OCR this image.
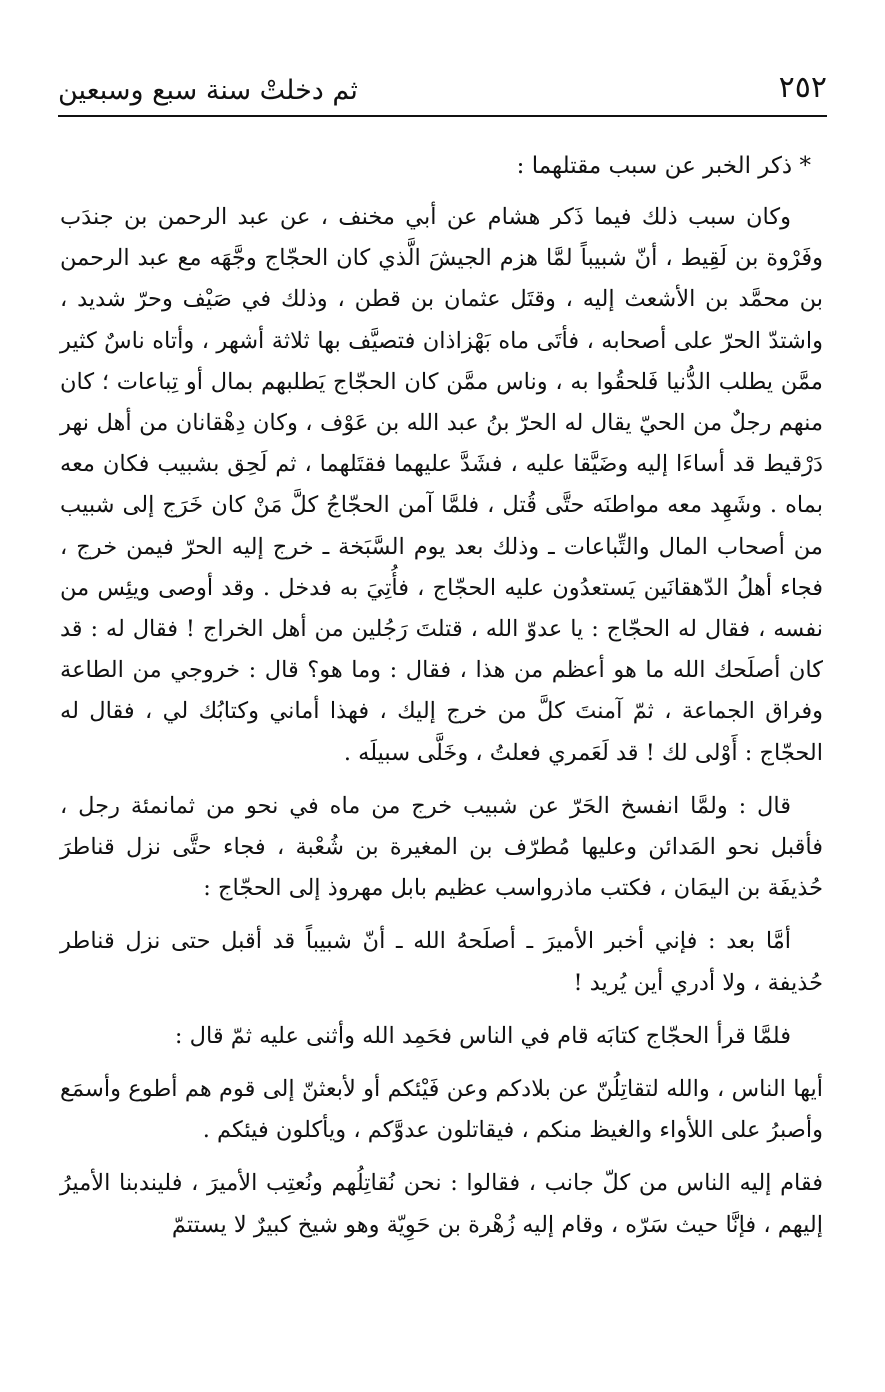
٢٥٢
ثم دخلتْ سنة سبع وسبعين
* ذكر الخبر عن سبب مقتلهما :

وكان سبب ذلك فيما ذَكر هشام عن أبي مخنف ، عن عبد الرحمن بن جندَب وفَرْوة بن لَقِيط ، أنّ شبيباً لمَّا هزم الجيشَ الَّذي كان الحجّاج وجَّهَه مع عبد الرحمن بن محمَّد بن الأشعث إليه ، وقتَل عثمان بن قطن ، وذلك في صَيْف وحرّ شديد ، واشتدّ الحرّ على أصحابه ، فأتَى ماه بَهْزاذان فتصيَّف بها ثلاثة أشهر ، وأتاه ناسٌ كثير ممَّن يطلب الدُّنيا فَلحقُوا به ، وناس ممَّن كان الحجّاج يَطلبهم بمال أو تِباعات ؛ كان منهم رجلٌ من الحيّ يقال له الحرّ بنُ عبد الله بن عَوْف ، وكان دِهْقانان من أهل نهر دَرْقيط قد أساءَا إليه وضَيَّقا عليه ، فشَدَّ عليهما فقتَلهما ، ثم لَحِق بشبيب فكان معه بماه . وشَهِد معه مواطنَه حتَّى قُتل ، فلمَّا آمن الحجّاجُ كلَّ مَنْ كان خَرَج إلى شبيب من أصحاب المال والتِّباعات ـ وذلك بعد يوم السَّبَخة ـ خرج إليه الحرّ فيمن خرج ، فجاء أهلُ الدّهقانَين يَستعدُون عليه الحجّاج ، فأُتِيَ به فدخل . وقد أوصى ويئِس من نفسه ، فقال له الحجّاج : يا عدوّ الله ، قتلتَ رَجُلين من أهل الخراج ! فقال له : قد كان أصلَحك الله ما هو أعظم من هذا ، فقال : وما هو؟ قال : خروجي من الطاعة وفراق الجماعة ، ثمّ آمنتَ كلَّ من خرج إليك ، فهذا أماني وكتابُك لي ، فقال له الحجّاج : أَوْلى لك ! قد لَعَمري فعلتُ ، وخَلَّى سبيلَه .

قال : ولمَّا انفسخ الحَرّ عن شبيب خرج من ماه في نحو من ثمانمئة رجل ، فأقبل نحو المَدائن وعليها مُطرّف بن المغيرة بن شُعْبة ، فجاء حتَّى نزل قناطرَ حُذيفَة بن اليمَان ، فكتب ماذرواسب عظيم بابل مهروذ إلى الحجّاج :

أمَّا بعد : فإني أخبر الأميرَ ـ أصلَحهُ الله ـ أنّ شبيباً قد أقبل حتى نزل قناطر حُذيفة ، ولا أدري أين يُريد !

فلمَّا قرأ الحجّاج كتابَه قام في الناس فحَمِد الله وأثنى عليه ثمّ قال :

أيها الناس ، والله لتقاتِلُنّ عن بلادكم وعن فَيْئكم أو لأبعثنّ إلى قوم هم أطوع وأسمَع وأصبرُ على اللأواء والغيظ منكم ، فيقاتلون عدوَّكم ، ويأكلون فيئكم .

فقام إليه الناس من كلّ جانب ، فقالوا : نحن نُقاتِلُهم ونُعتِب الأميرَ ، فليندبنا الأميرُ إليهم ، فإنَّا حيث سَرّه ، وقام إليه زُهْرة بن حَوِيّة وهو شيخ كبيرٌ لا يستتمّ
